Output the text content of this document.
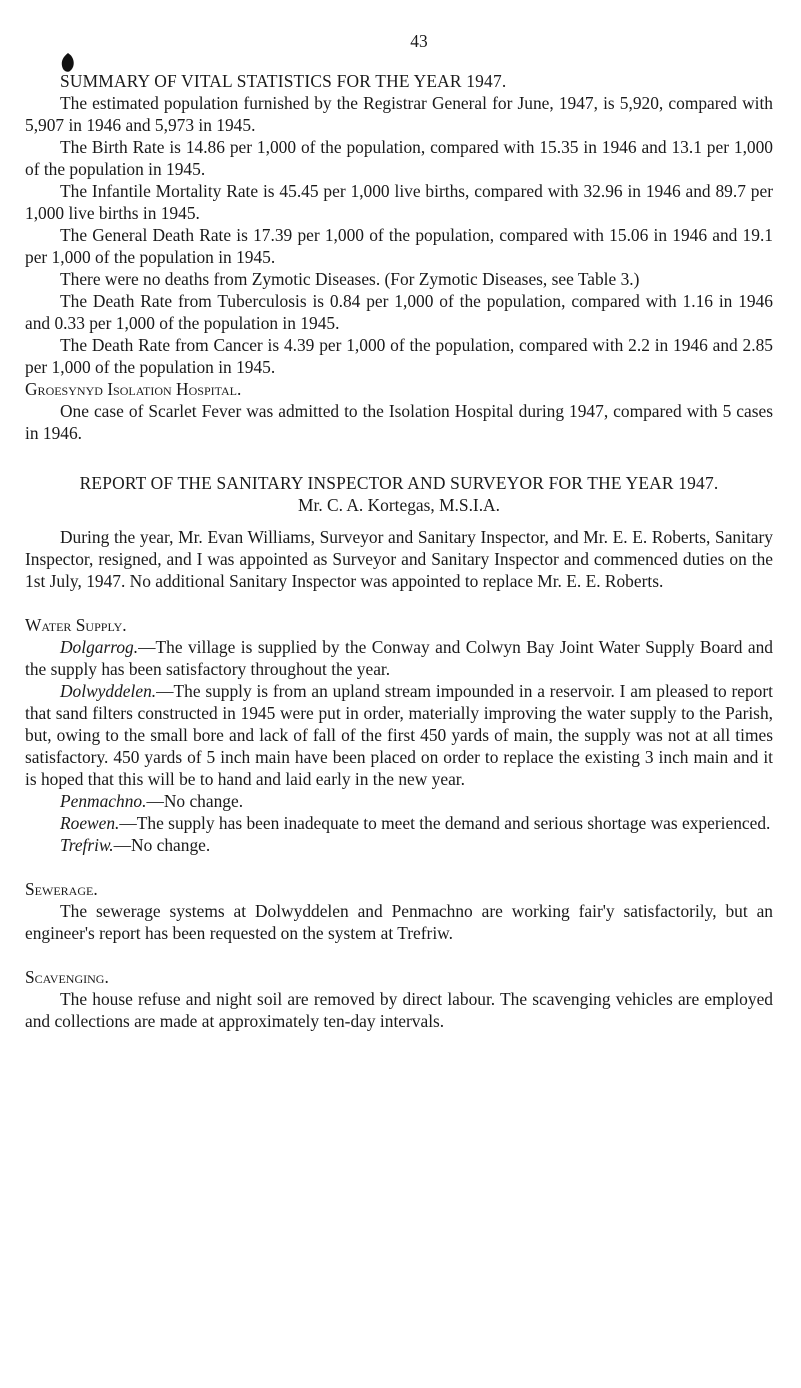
43
SUMMARY OF VITAL STATISTICS FOR THE YEAR 1947.

The estimated population furnished by the Registrar General for June, 1947, is 5,920, compared with 5,907 in 1946 and 5,973 in 1945.

The Birth Rate is 14.86 per 1,000 of the population, compared with 15.35 in 1946 and 13.1 per 1,000 of the population in 1945.

The Infantile Mortality Rate is 45.45 per 1,000 live births, compared with 32.96 in 1946 and 89.7 per 1,000 live births in 1945.

The General Death Rate is 17.39 per 1,000 of the population, compared with 15.06 in 1946 and 19.1 per 1,000 of the population in 1945.

There were no deaths from Zymotic Diseases. (For Zymotic Diseases, see Table 3.)

The Death Rate from Tuberculosis is 0.84 per 1,000 of the population, compared with 1.16 in 1946 and 0.33 per 1,000 of the population in 1945.

The Death Rate from Cancer is 4.39 per 1,000 of the population, compared with 2.2 in 1946 and 2.85 per 1,000 of the population in 1945.

Groesynyd Isolation Hospital.

One case of Scarlet Fever was admitted to the Isolation Hospital during 1947, compared with 5 cases in 1946.

REPORT OF THE SANITARY INSPECTOR AND SURVEYOR FOR THE YEAR 1947.

Mr. C. A. Kortegas, M.S.I.A.

During the year, Mr. Evan Williams, Surveyor and Sanitary Inspector, and Mr. E. E. Roberts, Sanitary Inspector, resigned, and I was appointed as Surveyor and Sanitary Inspector and commenced duties on the 1st July, 1947. No additional Sanitary Inspector was appointed to replace Mr. E. E. Roberts.

Water Supply.

Dolgarrog.—The village is supplied by the Conway and Colwyn Bay Joint Water Supply Board and the supply has been satisfactory throughout the year.

Dolwyddelen.—The supply is from an upland stream impounded in a reservoir. I am pleased to report that sand filters constructed in 1945 were put in order, materially improving the water supply to the Parish, but, owing to the small bore and lack of fall of the first 450 yards of main, the supply was not at all times satisfactory. 450 yards of 5 inch main have been placed on order to replace the existing 3 inch main and it is hoped that this will be to hand and laid early in the new year.

Penmachno.—No change.

Roewen.—The supply has been inadequate to meet the demand and serious shortage was experienced.

Trefriw.—No change.

Sewerage.

The sewerage systems at Dolwyddelen and Penmachno are working fair'y satisfactorily, but an engineer's report has been requested on the system at Trefriw.

Scavenging.

The house refuse and night soil are removed by direct labour. The scavenging vehicles are employed and collections are made at approximately ten-day intervals.
